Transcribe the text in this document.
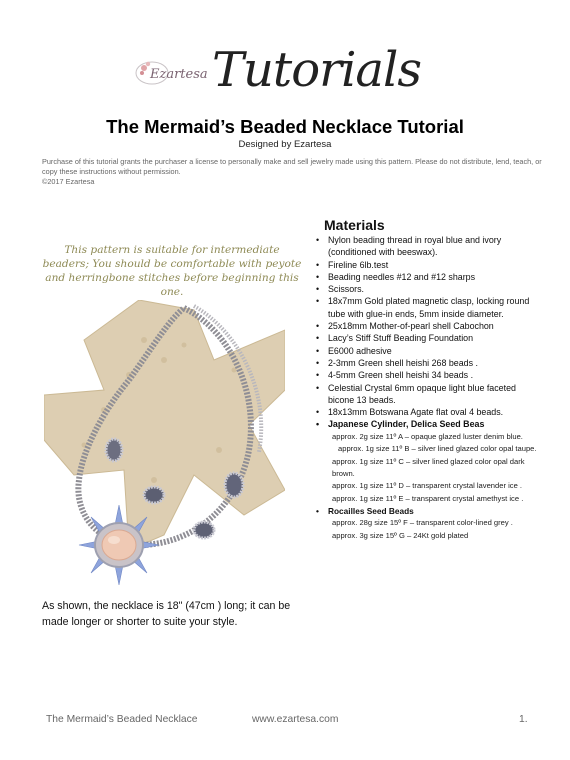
Ezartesa Tutorials
The Mermaid’s Beaded Necklace Tutorial
Designed by Ezartesa
Purchase of this tutorial grants the purchaser a license to personally make and sell jewelry made using this pattern. Please do not distribute, lend, teach, or copy these instructions without permission.
©2017 Ezartesa
This pattern is suitable for intermediate beaders; You should be comfortable with peyote and herringbone stitches before beginning this one.
As shown, the necklace is 18" (47cm ) long; it can be made longer or shorter to suite your style.
Materials
• Nylon beading thread in royal blue and ivory (conditioned with beeswax).
• Fireline 6lb.test
• Beading needles #12 and #12 sharps
• Scissors.
• 18x7mm Gold plated magnetic clasp, locking round tube with glue-in ends, 5mm inside diameter.
• 25x18mm Mother-of-pearl shell Cabochon
• Lacy’s Stiff Stuff Beading Foundation
• E6000 adhesive
• 2-3mm Green shell heishi 268 beads .
• 4-5mm Green shell heishi 34 beads .
• Celestial Crystal 6mm opaque light blue faceted bicone 13 beads.
• 18x13mm Botswana Agate flat oval 4 beads.
• Japanese Cylinder, Delica Seed Beas
approx. 2g size 11º A – opaque glazed luster denim blue.
approx. 1g size 11º B – silver lined glazed color opal taupe.
approx. 1g size 11º C – silver lined glazed color opal dark brown.
approx. 1g size 11º D – transparent crystal lavender ice .
approx. 1g size 11º E – transparent crystal amethyst ice .
• Rocailles Seed Beads
approx. 28g size 15º F – transparent color-lined grey .
approx. 3g size 15º G – 24Kt gold plated
The Mermaid’s Beaded Necklace	www.ezartesa.com	1.
